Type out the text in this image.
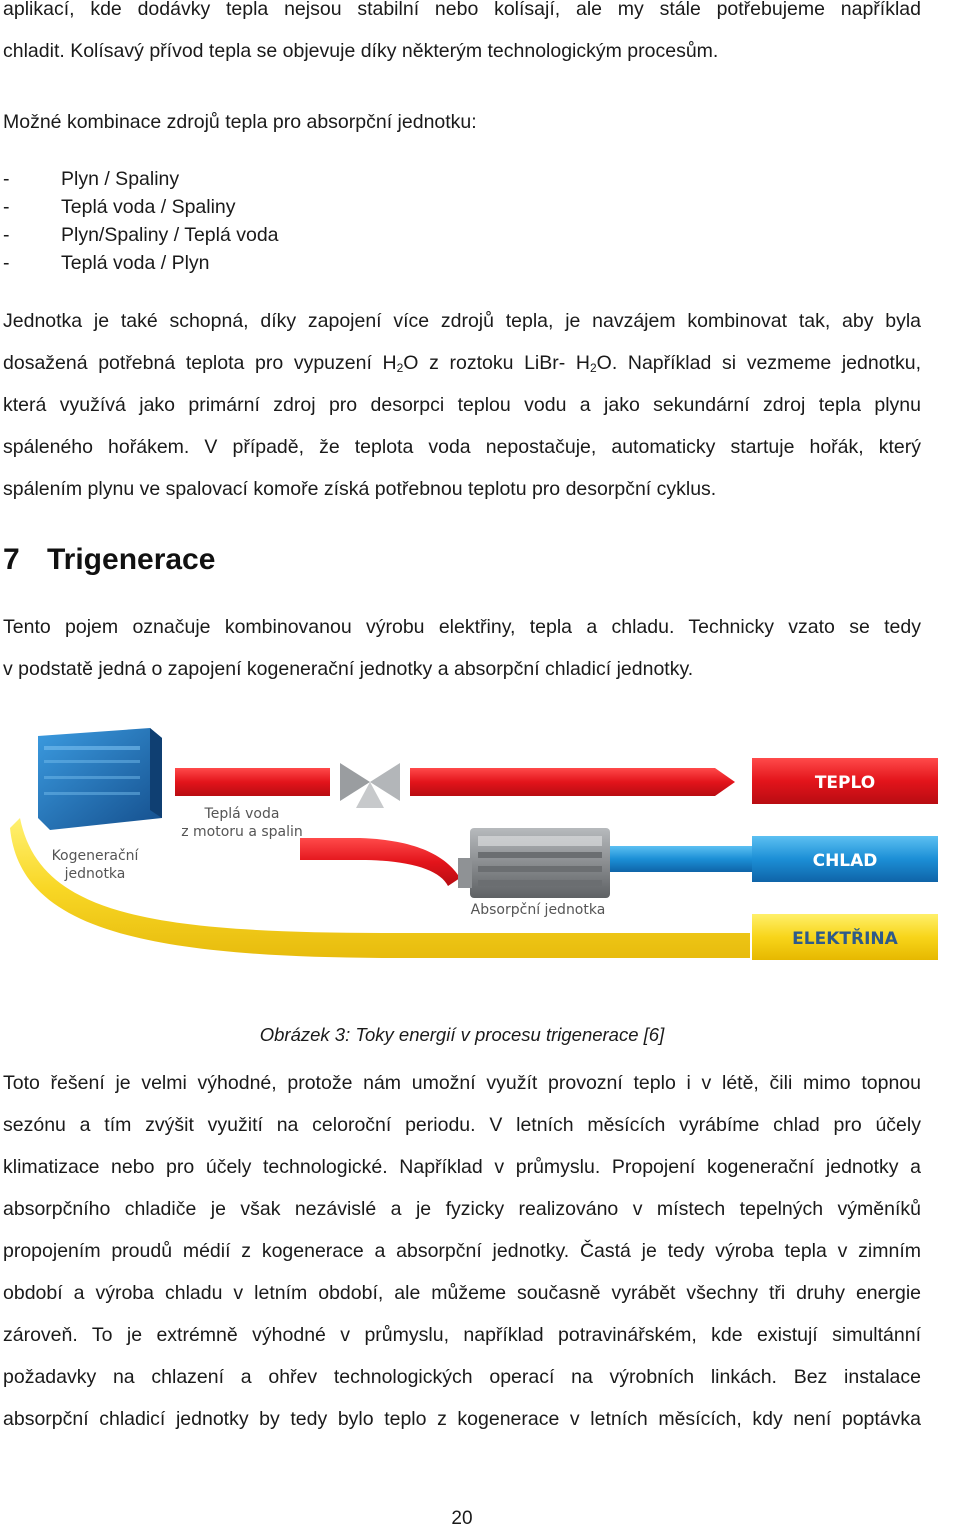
aplikací, kde dodávky tepla nejsou stabilní nebo kolísají, ale my stále potřebujeme například
chladit. Kolísavý přívod tepla se objevuje díky některým technologickým procesům.
Možné kombinace zdrojů tepla pro absorpční jednotku:
-	Plyn / Spaliny
-	Teplá voda / Spaliny
-	Plyn/Spaliny / Teplá voda
-	Teplá voda / Plyn
Jednotka je také schopná, díky zapojení více zdrojů tepla, je navzájem kombinovat tak, aby byla
dosažená potřebná teplota pro vypuzení $H_2O$ z roztoku LiBr- $H_2O$. Například si vezmeme jednotku,
která využívá jako primární zdroj pro desorpci teplou vodu a jako sekundární zdroj tepla plynu
spáleného hořákem. V případě, že teplota voda nepostačuje, automaticky startuje hořák, který
spálením plynu ve spalovací komoře získá potřebnou teplotu pro desorpční cyklus.
7 Trigenerace
Tento pojem označuje kombinovanou výrobu elektřiny, tepla a chladu. Technicky vzato se tedy
v podstatě jedná o zapojení kogenerační jednotky a absorpční chladicí jednotky.
TEPLO
CHLAD
ELEKTŘINA
Kogenerační
jednotka
Teplá voda
z motoru a spalin
Absorpční jednotka
Obrázek 3: Toky energií v procesu trigenerace [6]
Toto řešení je velmi výhodné, protože nám umožní využít provozní teplo i v létě, čili mimo topnou
sezónu a tím zvýšit využití na celoroční periodu. V letních měsících vyrábíme chlad pro účely
klimatizace nebo pro účely technologické. Například v průmyslu. Propojení kogenerační jednotky a
absorpčního chladiče je však nezávislé a je fyzicky realizováno v místech tepelných výměníků
propojením proudů médií z kogenerace a absorpční jednotky. Častá je tedy výroba tepla v zimním
období a výroba chladu v letním období, ale můžeme současně vyrábět všechny tři druhy energie
zároveň. To je extrémně výhodné v průmyslu, například potravinářském, kde existují simultánní
požadavky na chlazení a ohřev technologických operací na výrobních linkách. Bez instalace
absorpční chladicí jednotky by tedy bylo teplo z kogenerace v letních měsících, kdy není poptávka
20
